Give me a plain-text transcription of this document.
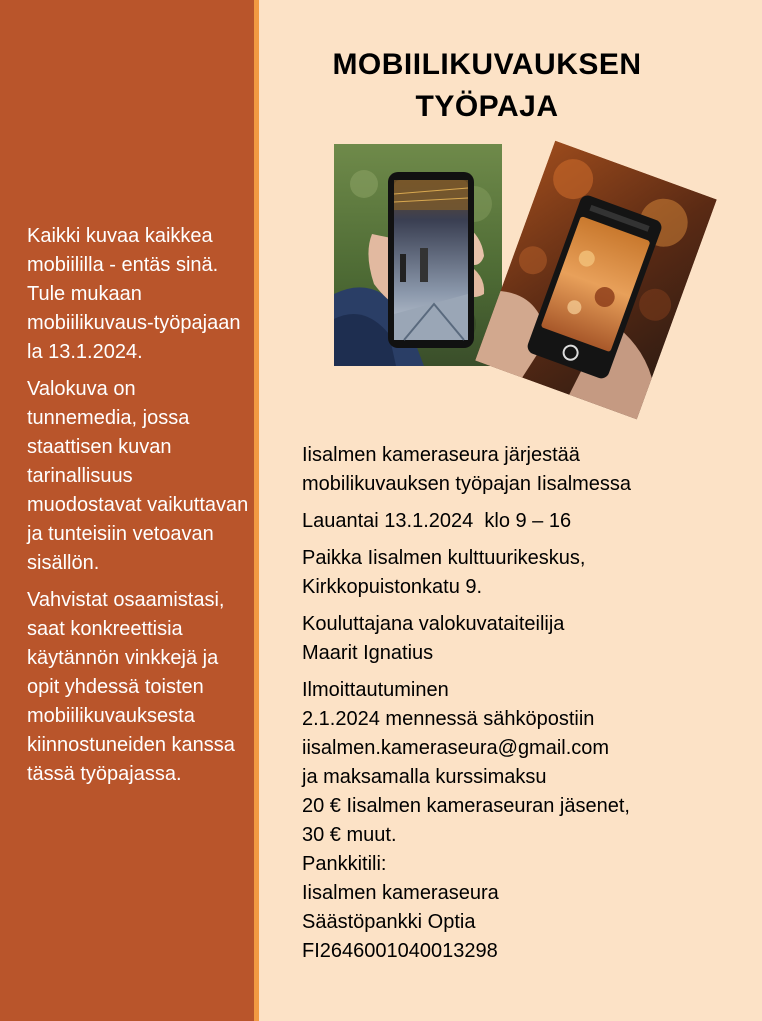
Kaikki kuvaa kaikkea mobiililla - entäs sinä. Tule mukaan mobiilikuvaus-työpajaan la 13.1.2024.

Valokuva on tunnemedia, jossa staattisen kuvan tarinallisuus muodostavat vaikuttavan ja tunteisiin vetoavan sisällön.

Vahvistat osaamistasi, saat konkreettisia käytännön vinkkejä ja opit yhdessä toisten mobiilikuvauksesta kiinnostuneiden kanssa tässä työpajassa.

MOBIILIKUVAUKSEN
TYÖPAJA
Iisalmen kameraseura järjestää
mobilikuvauksen työpajan Iisalmessa
Lauantai 13.1.2024  klo 9 – 16
Paikka Iisalmen kulttuurikeskus,
Kirkkopuistonkatu 9.
Kouluttajana valokuvataiteilija
Maarit Ignatius
Ilmoittautuminen
2.1.2024 mennessä sähköpostiin
iisalmen.kameraseura@gmail.com
ja maksamalla kurssimaksu
20 € Iisalmen kameraseuran jäsenet,
30 € muut.
Pankkitili:
Iisalmen kameraseura
Säästöpankki Optia
FI2646001040013298
